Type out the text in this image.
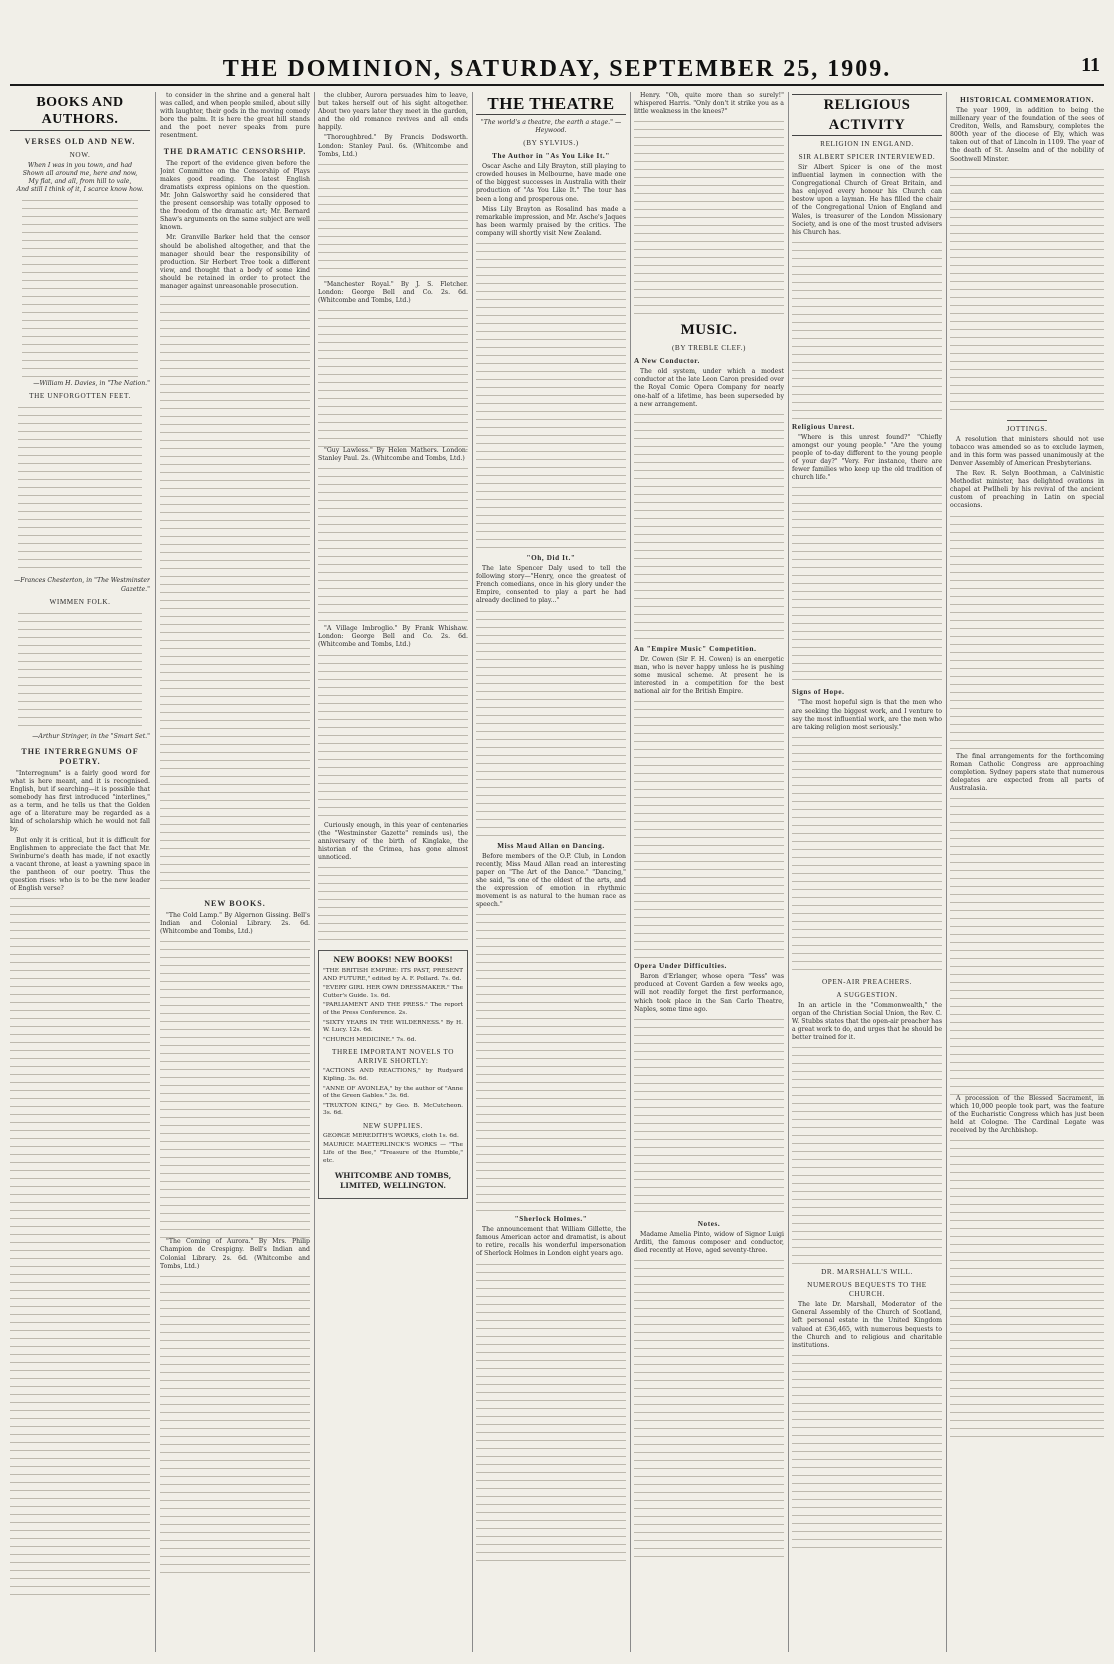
THE DOMINION, SATURDAY, SEPTEMBER 25, 1909.	11
BOOKS AND AUTHORS.
VERSES OLD AND NEW.
NOW.

When I was in you town, and had

Shown all around me, here and now,

My flat, and all, from hill to vale,

And still I think of it, I scarce know how.

—William H. Davies, in "The Nation."
THE UNFORGOTTEN FEET.
—Frances Chesterton, in "The Westminster Gazette."
WIMMEN FOLK.
—Arthur Stringer, in the "Smart Set."
THE INTERREGNUMS OF POETRY.

"Interregnum" is a fairly good word for what is here meant, and it is recognised. English, but if searching—it is possible that somebody has first introduced "interlines," as a term, and he tells us that the Golden age of a literature may be regarded as a kind of scholarship which he would not fall by.

But only it is critical, but it is difficult for Englishmen to appreciate the fact that Mr. Swinburne's death has made, if not exactly a vacant throne, at least a yawning space in the pantheon of our poetry. Thus the question rises: who is to be the new leader of English verse?

to consider in the shrine and a general halt was called, and when people smiled, about silly with laughter, their gods in the moving comedy bore the palm. It is here the great hill stands and the poet never speaks from pure resentment.

THE DRAMATIC CENSORSHIP.

The report of the evidence given before the Joint Committee on the Censorship of Plays makes good reading. The latest English dramatists express opinions on the question. Mr. John Galsworthy said he considered that the present censorship was totally opposed to the freedom of the dramatic art; Mr. Bernard Shaw's arguments on the same subject are well known.

Mr. Granville Barker held that the censor should be abolished altogether, and that the manager should bear the responsibility of production. Sir Herbert Tree took a different view, and thought that a body of some kind should be retained in order to protect the manager against unreasonable prosecution.

NEW BOOKS.

"The Cold Lamp." By Algernon Gissing. Bell's Indian and Colonial Library. 2s. 6d. (Whitcombe and Tombs, Ltd.)

"The Coming of Aurora." By Mrs. Philip Champion de Crespigny. Bell's Indian and Colonial Library. 2s. 6d. (Whitcombe and Tombs, Ltd.)

the clubber, Aurora persuades him to leave, but takes herself out of his sight altogether. About two years later they meet in the garden, and the old romance revives and all ends happily.

"Thoroughbred." By Francis Dodsworth. London: Stanley Paul. 6s. (Whitcombe and Tombs, Ltd.)

"Manchester Royal." By J. S. Fletcher. London: George Bell and Co. 2s. 6d. (Whitcombe and Tombs, Ltd.)

"Guy Lawless." By Helen Mathers. London: Stanley Paul. 2s. (Whitcombe and Tombs, Ltd.)

"A Village Imbroglio." By Frank Whishaw. London: George Bell and Co. 2s. 6d. (Whitcombe and Tombs, Ltd.)

Curiously enough, in this year of centenaries (the "Westminster Gazette" reminds us), the anniversary of the birth of Kinglake, the historian of the Crimea, has gone almost unnoticed.

NEW BOOKS! NEW BOOKS!

"THE BRITISH EMPIRE: ITS PAST, PRESENT AND FUTURE," edited by A. F. Pollard. 7s. 6d.

"EVERY GIRL HER OWN DRESSMAKER." The Cutter's Guide. 1s. 6d.

"PARLIAMENT AND THE PRESS." The report of the Press Conference. 2s.

"SIXTY YEARS IN THE WILDERNESS." By H. W. Lucy. 12s. 6d.

"CHURCH MEDICINE." 7s. 6d.

THREE IMPORTANT NOVELS TO ARRIVE SHORTLY:

"ACTIONS AND REACTIONS," by Rudyard Kipling. 3s. 6d.

"ANNE OF AVONLEA," by the author of "Anne of the Green Gables." 3s. 6d.

"TRUXTON KING," by Geo. B. McCutcheon. 3s. 6d.

NEW SUPPLIES.

GEORGE MEREDITH'S WORKS, cloth 1s. 6d.

MAURICE MAETERLINCK'S WORKS — "The Life of the Bee," "Treasure of the Humble," etc.

WHITCOMBE AND TOMBS, LIMITED, WELLINGTON.
THE THEATRE
"The world's a theatre, the earth a stage." —Heywood.
(BY SYLVIUS.)
The Author in "As You Like It."

Oscar Asche and Lily Brayton, still playing to crowded houses in Melbourne, have made one of the biggest successes in Australia with their production of "As You Like It." The tour has been a long and prosperous one.

Miss Lily Brayton as Rosalind has made a remarkable impression, and Mr. Asche's Jaques has been warmly praised by the critics. The company will shortly visit New Zealand.

"Oh, Did It."

The late Spencer Daly used to tell the following story—"Henry, once the greatest of French comedians, once in his glory under the Empire, consented to play a part he had already declined to play..."

Miss Maud Allan on Dancing.

Before members of the O.P. Club, in London recently, Miss Maud Allan read an interesting paper on "The Art of the Dance." "Dancing," she said, "is one of the oldest of the arts, and the expression of emotion in rhythmic movement is as natural to the human race as speech."

"Sherlock Holmes."

The announcement that William Gillette, the famous American actor and dramatist, is about to retire, recalls his wonderful impersonation of Sherlock Holmes in London eight years ago.

Henry. "Oh, quite more than so surely!" whispered Harris. "Only don't it strike you as a little weakness in the knees?"

MUSIC.
(BY TREBLE CLEF.)
A New Conductor.

The old system, under which a modest conductor at the late Leon Caron presided over the Royal Comic Opera Company for nearly one-half of a lifetime, has been superseded by a new arrangement.

An "Empire Music" Competition.

Dr. Cowen (Sir F. H. Cowen) is an energetic man, who is never happy unless he is pushing some musical scheme. At present he is interested in a competition for the best national air for the British Empire.

Opera Under Difficulties.

Baron d'Erlanger, whose opera "Tess" was produced at Covent Garden a few weeks ago, will not readily forget the first performance, which took place in the San Carlo Theatre, Naples, some time ago.

Notes.

Madame Amelia Pinto, widow of Signor Luigi Arditi, the famous composer and conductor, died recently at Hove, aged seventy-three.

RELIGIOUS ACTIVITY
RELIGION IN ENGLAND.
SIR ALBERT SPICER INTERVIEWED.

Sir Albert Spicer is one of the most influential laymen in connection with the Congregational Church of Great Britain, and has enjoyed every honour his Church can bestow upon a layman. He has filled the chair of the Congregational Union of England and Wales, is treasurer of the London Missionary Society, and is one of the most trusted advisers his Church has.

Religious Unrest.

"Where is this unrest found?" "Chiefly amongst our young people." "Are the young people of to-day different to the young people of your day?" "Very. For instance, there are fewer families who keep up the old tradition of church life."

Signs of Hope.

"The most hopeful sign is that the men who are seeking the biggest work, and I venture to say the most influential work, are the men who are taking religion most seriously."

OPEN-AIR PREACHERS.
A SUGGESTION.

In an article in the "Commonwealth," the organ of the Christian Social Union, the Rev. C. W. Stubbs states that the open-air preacher has a great work to do, and urges that he should be better trained for it.

DR. MARSHALL'S WILL.
NUMEROUS BEQUESTS TO THE CHURCH.

The late Dr. Marshall, Moderator of the General Assembly of the Church of Scotland, left personal estate in the United Kingdom valued at £36,465, with numerous bequests to the Church and to religious and charitable institutions.

HISTORICAL COMMEMORATION.

The year 1909, in addition to being the millenary year of the foundation of the sees of Crediton, Wells, and Ramsbury, completes the 800th year of the diocese of Ely, which was taken out of that of Lincoln in 1109. The year of the death of St. Anselm and of the nobility of Soothwell Minster.

JOTTINGS.

A resolution that ministers should not use tobacco was amended so as to exclude laymen, and in this form was passed unanimously at the Denver Assembly of American Presbyterians.

The Rev. R. Selyn Boothman, a Calvinistic Methodist minister, has delighted ovations in chapel at Pwllheli by his revival of the ancient custom of preaching in Latin on special occasions.

The final arrangements for the forthcoming Roman Catholic Congress are approaching completion. Sydney papers state that numerous delegates are expected from all parts of Australasia.

A procession of the Blessed Sacrament, in which 10,000 people took part, was the feature of the Eucharistic Congress which has just been held at Cologne. The Cardinal Legate was received by the Archbishop.
